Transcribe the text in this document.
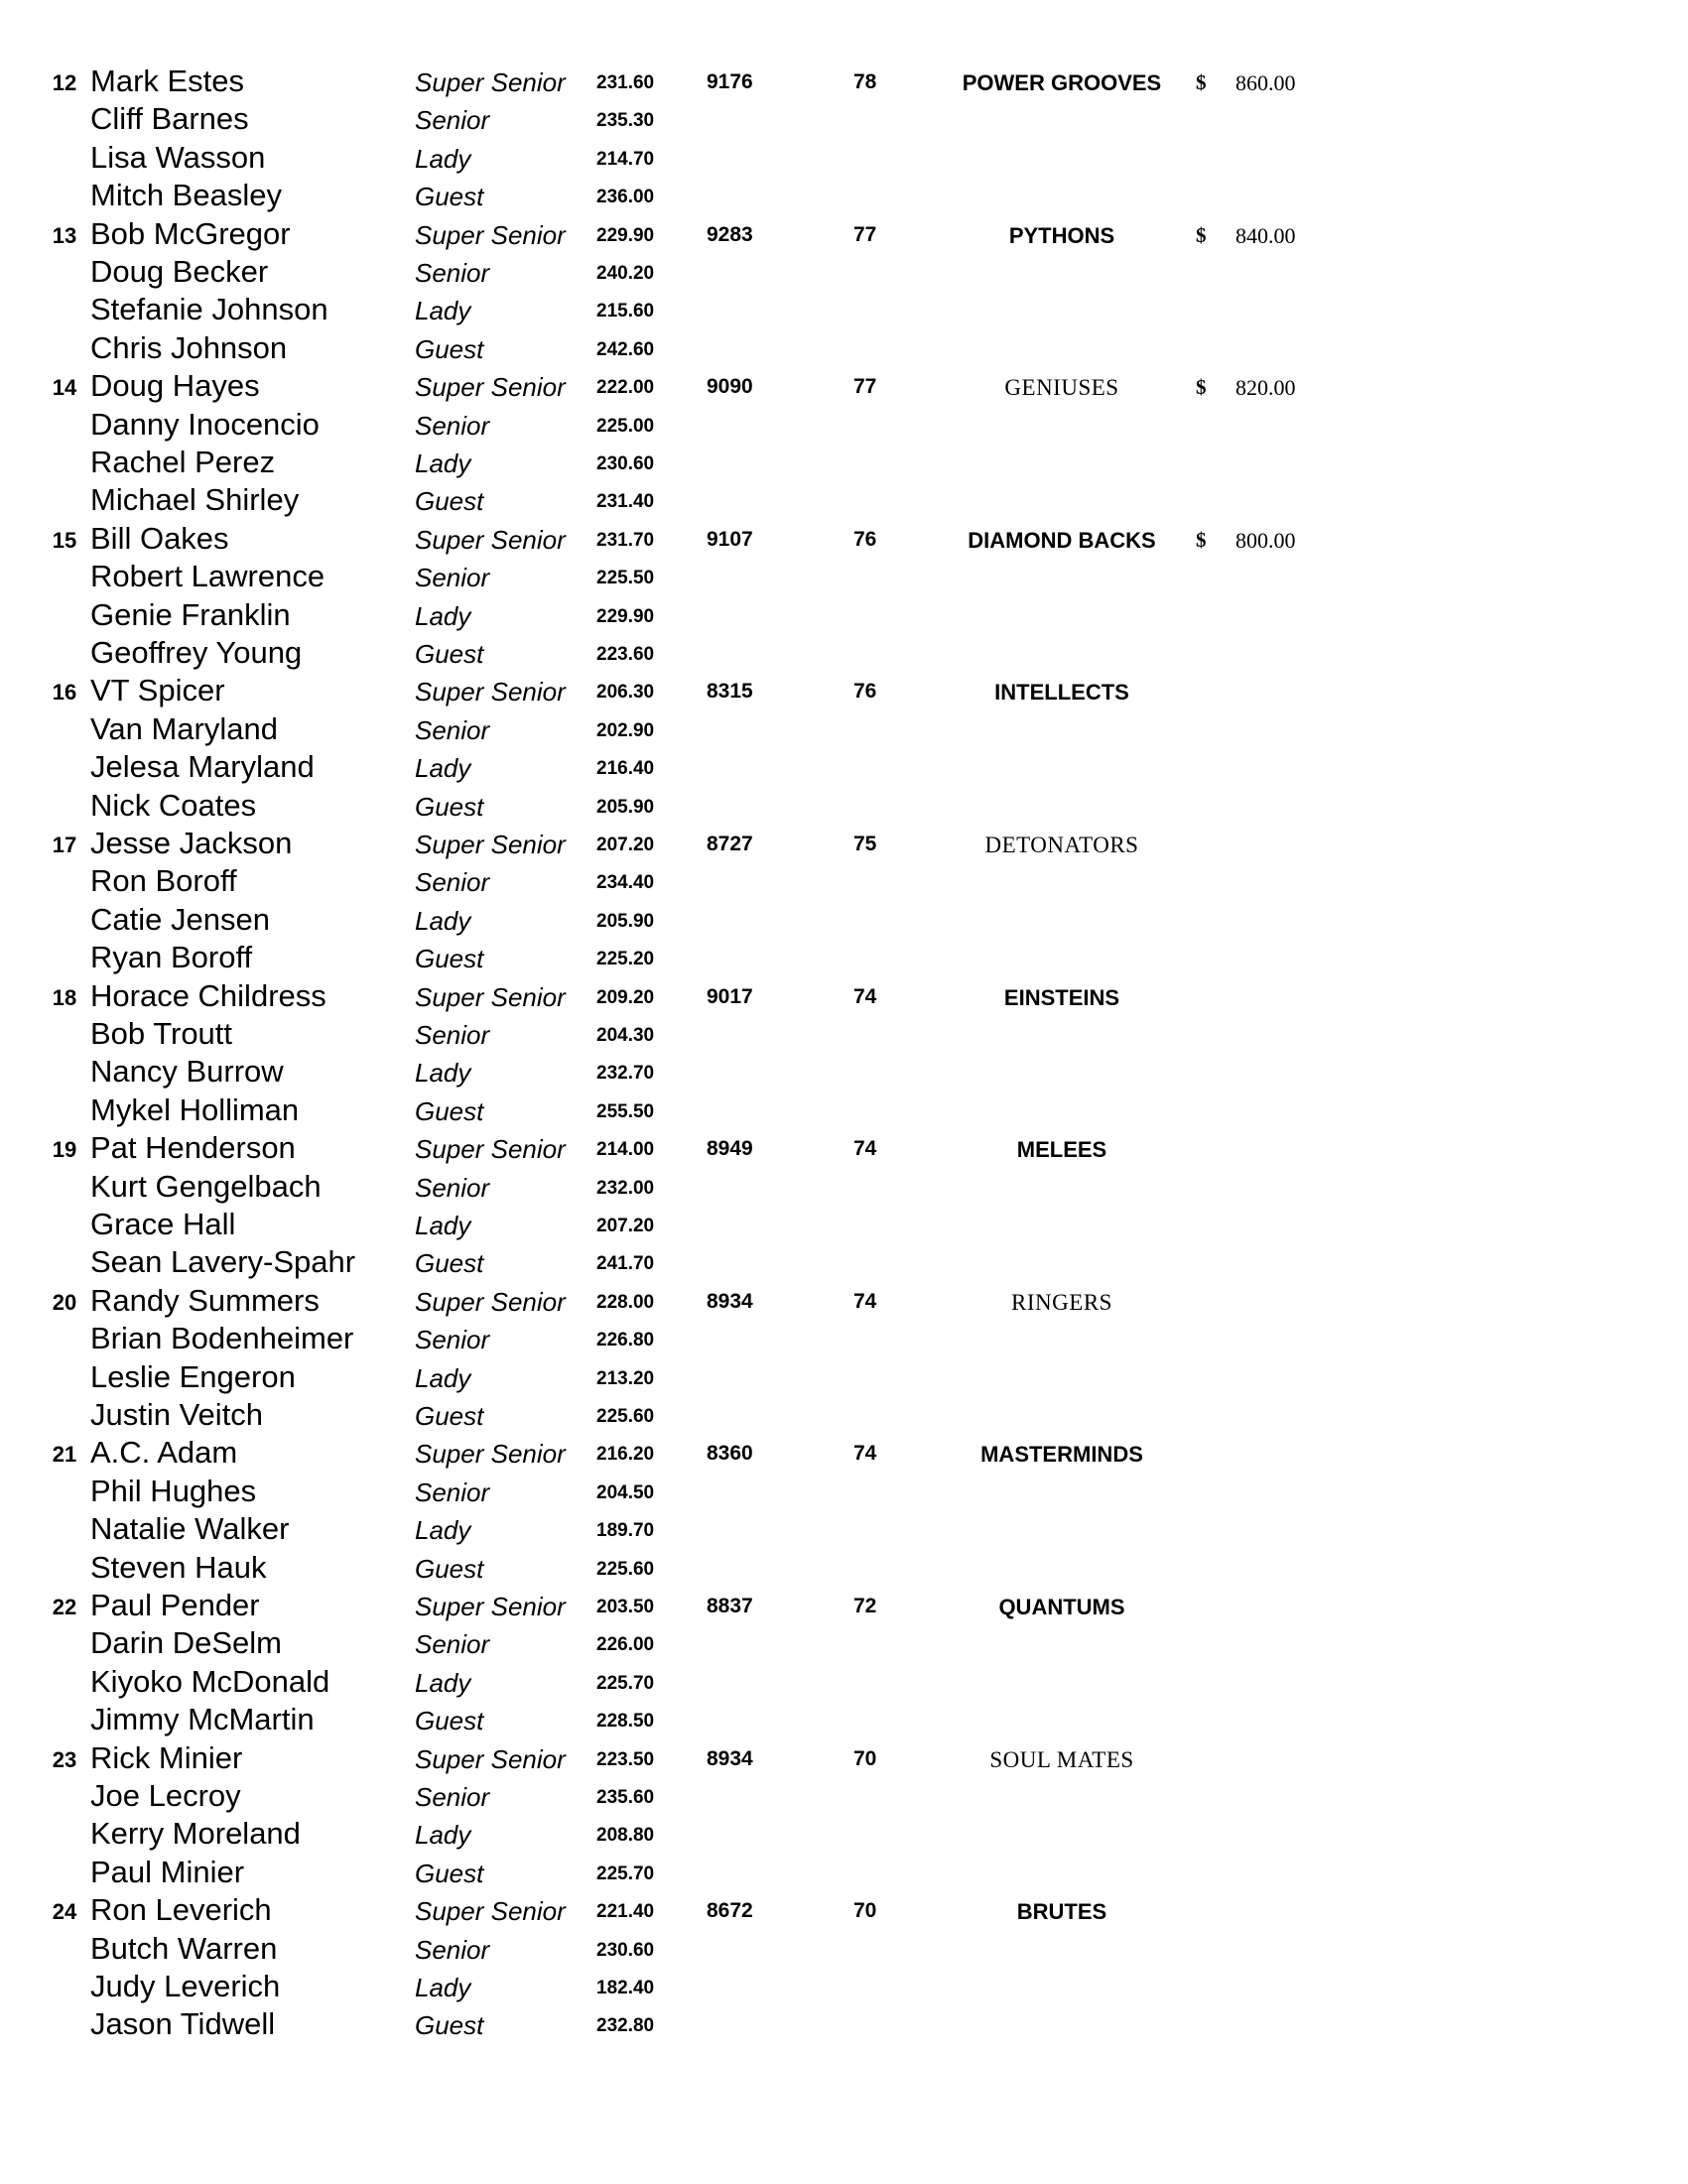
12 Mark Estes	Super Senior 231.60	9176	78	POWER GROOVES	$ 860.00
Cliff Barnes	Senior	235.30
Lisa Wasson	Lady	214.70
Mitch Beasley	Guest	236.00
13 Bob McGregor	Super Senior 229.90	9283	77	PYTHONS	$ 840.00
Doug Becker	Senior	240.20
Stefanie Johnson	Lady	215.60
Chris Johnson	Guest	242.60
14 Doug Hayes	Super Senior 222.00	9090	77	GENIUSES	$ 820.00
Danny Inocencio	Senior	225.00
Rachel Perez	Lady	230.60
Michael Shirley	Guest	231.40
15 Bill Oakes	Super Senior 231.70	9107	76	DIAMOND BACKS	$ 800.00
Robert Lawrence	Senior	225.50
Genie Franklin	Lady	229.90
Geoffrey Young	Guest	223.60
16 VT Spicer	Super Senior 206.30	8315	76	INTELLECTS
Van Maryland	Senior	202.90
Jelesa Maryland	Lady	216.40
Nick Coates	Guest	205.90
17 Jesse Jackson	Super Senior 207.20	8727	75	DETONATORS
Ron Boroff	Senior	234.40
Catie Jensen	Lady	205.90
Ryan Boroff	Guest	225.20
18 Horace Childress	Super Senior 209.20	9017	74	EINSTEINS
Bob Troutt	Senior	204.30
Nancy Burrow	Lady	232.70
Mykel Holliman	Guest	255.50
19 Pat Henderson	Super Senior 214.00	8949	74	MELEES
Kurt Gengelbach	Senior	232.00
Grace Hall	Lady	207.20
Sean Lavery-Spahr Guest	241.70
20 Randy Summers	Super Senior 228.00	8934	74	RINGERS
Brian Bodenheimer Senior	226.80
Leslie Engeron	Lady	213.20
Justin Veitch	Guest	225.60
21 A.C. Adam	Super Senior 216.20	8360	74	MASTERMINDS
Phil Hughes	Senior	204.50
Natalie Walker	Lady	189.70
Steven Hauk	Guest	225.60
22 Paul Pender	Super Senior 203.50	8837	72	QUANTUMS
Darin DeSelm	Senior	226.00
Kiyoko McDonald	Lady	225.70
Jimmy McMartin	Guest	228.50
23 Rick Minier	Super Senior 223.50	8934	70	SOUL MATES
Joe Lecroy	Senior	235.60
Kerry Moreland	Lady	208.80
Paul Minier	Guest	225.70
24 Ron Leverich	Super Senior 221.40	8672	70	BRUTES
Butch Warren	Senior	230.60
Judy Leverich	Lady	182.40
Jason Tidwell	Guest	232.80
